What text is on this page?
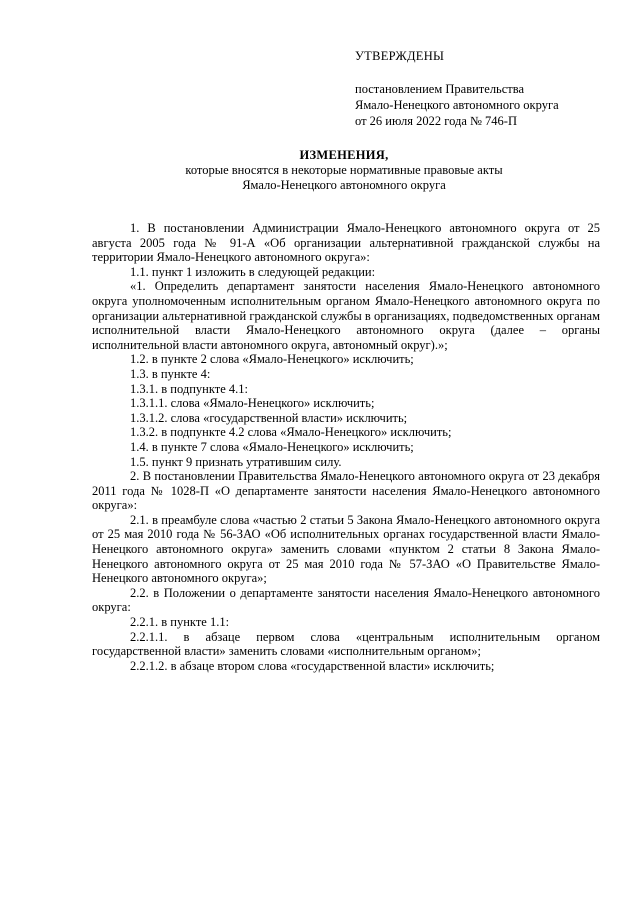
УТВЕРЖДЕНЫ

постановлением Правительства

Ямало-Ненецкого автономного округа

от 26 июля 2022 года № 746-П

ИЗМЕНЕНИЯ,

которые вносятся в некоторые нормативные правовые акты

Ямало-Ненецкого автономного округа

1. В постановлении Администрации Ямало-Ненецкого автономного округа от 25 августа 2005 года № 91-А «Об организации альтернативной гражданской службы на территории Ямало-Ненецкого автономного округа»:

1.1. пункт 1 изложить в следующей редакции:

«1. Определить департамент занятости населения Ямало-Ненецкого автономного округа уполномоченным исполнительным органом Ямало-Ненецкого автономного округа по организации альтернативной гражданской службы в организациях, подведомственных органам исполнительной власти Ямало-Ненецкого автономного округа (далее – органы исполнительной власти автономного округа, автономный округ).»;

1.2. в пункте 2 слова «Ямало-Ненецкого» исключить;

1.3. в пункте 4:

1.3.1. в подпункте 4.1:

1.3.1.1. слова «Ямало-Ненецкого» исключить;

1.3.1.2. слова «государственной власти» исключить;

1.3.2. в подпункте 4.2 слова «Ямало-Ненецкого» исключить;

1.4. в пункте 7 слова «Ямало-Ненецкого» исключить;

1.5. пункт 9 признать утратившим силу.

2. В постановлении Правительства Ямало-Ненецкого автономного округа от 23 декабря 2011 года № 1028-П «О департаменте занятости населения Ямало-Ненецкого автономного округа»:

2.1. в преамбуле слова «частью 2 статьи 5 Закона Ямало-Ненецкого автономного округа от 25 мая 2010 года № 56-ЗАО «Об исполнительных органах государственной власти Ямало-Ненецкого автономного округа» заменить словами «пунктом 2 статьи 8 Закона Ямало-Ненецкого автономного округа от 25 мая 2010 года № 57-ЗАО «О Правительстве Ямало-Ненецкого автономного округа»;

2.2. в Положении о департаменте занятости населения Ямало-Ненецкого автономного округа:

2.2.1. в пункте 1.1:

2.2.1.1. в абзаце первом слова «центральным исполнительным органом государственной власти» заменить словами «исполнительным органом»;

2.2.1.2. в абзаце втором слова «государственной власти» исключить;
